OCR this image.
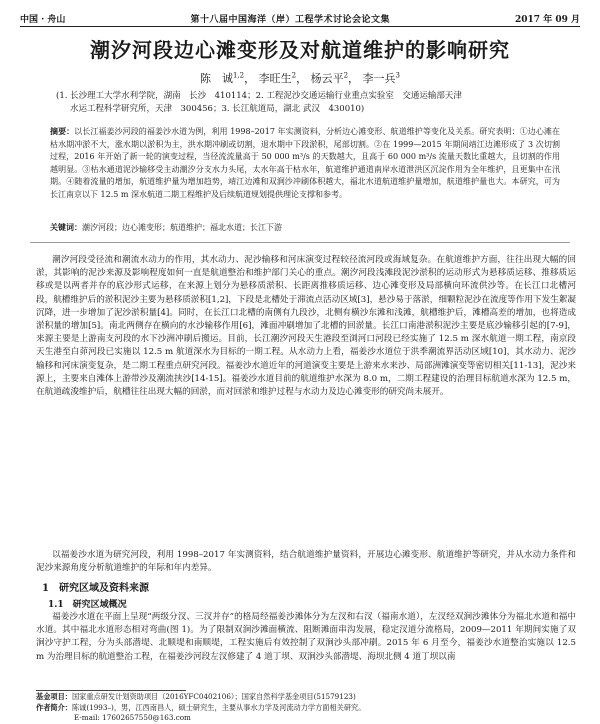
中国 · 舟山	第十八届中国海洋（岸）工程学术讨论会论文集	2017 年 09 月
潮汐河段边心滩变形及对航道维护的影响研究
陈　诚$^{1,2}$， 李旺生$^2$， 杨云平$^2$， 李一兵$^3$
(1. 长沙理工大学水利学院，湖南　长沙　410114；2. 工程泥沙交通运输行业重点实验室　交通运输部天津
水运工程科学研究所，天津　300456；3. 长江航道局，湖北 武汉　430010)
摘要：以长江福姜沙河段的福姜沙水道为例，利用 1998–2017 年实测资料，分析边心滩变形、航道维护等变化及关系。研究表明：①边心滩在枯水期冲淤不大，涨水期以淤积为主，洪水期冲刷或切割，退水期中下段淤积，尾部切割。②在 1999—2015 年期间靖江边滩形成了 3 次切割过程，2016 年开始了新一轮的演变过程，当径流流量高于 50 000 m³/s 的天数越大，且高于 60 000 m³/s 流量天数比重越大，且切割的作用越明显。③枯水通道泥沙输移受主动潮汐分支水力头尾，太水年高于枯水年，航道维护通道南岸水道泄洪区沉淀作用为全年维护，且更集中在汛期。④随着流量的增加，航道维护量为增加趋势，靖江边滩和双涧沙冲刷体积越大，福北水道航道维护量增加，航道维护量也大。本研究，可为长江南京以下 12.5 m 深水航道二期工程维护及后续航道规划提供理论支撑和参考。
关键词：潮汐河段；边心滩变形；航道维护；福北水道；长江下游
潮汐河段受径流和潮流水动力的作用，其水动力、泥沙输移和河床演变过程较径流河段或海域复杂。在航道维护方面，往往出现大幅的回淤，其影响的泥沙来源及影响程度如何一直是航道整治和维护部门关心的重点。潮汐河段浅滩段泥沙淤积的运动形式为悬移质运移、推移质运移或是以两者并存的底沙形式运移，在来源上划分为悬移质淤积、长距离推移质运移、边心滩变形及局部横向环流供沙等。在长江口北槽河段，航槽维护后的淤积泥沙主要为悬移质淤积[1,2]，下段是北槽处于滞流点活动区域[3]，悬沙易于落淤，细颗粒泥沙在流度等作用下发生絮凝沉降，进一步增加了泥沙淤积量[4]。同时，在长江口北槽的南侧有九段沙，北侧有横沙东滩和浅滩，航槽维护后，滩槽高差的增加，也将造成淤积量的增加[5]。南北两侧存在横向的水沙输移作用[6]，滩面冲刷增加了北槽的回淤量。长江口南港淤积泥沙主要是底沙输移引起的[7-9]，来源主要是上游南支河段的水下沙洲冲刷后搬运。目前，长江潮汐河段天生港段至浏河口河段已经实施了 12.5 m 深水航道一期工程，南京段天生港至白茆河段已实施以 12.5 m 航道深水为目标的一期工程。从水动力上看，福姜沙水道位于洪季潮流界活动区域[10]，其水动力、泥沙输移和河床演变复杂，是二期工程重点研究河段。福姜沙水道近年的河道演变主要是上游来水来沙、局部洲滩演变等密切相关[11-13]，泥沙来源上，主要来自滩体上游带沙及潮流挟沙[14-15]。福姜沙水道目前的航道维护水深为 8.0 m，二期工程建设的治理目标航道水深为 12.5 m，在航道疏浚维护后，航槽往往出现大幅的回淤，而对回淤和维护过程与水动力及边心滩变形的研究尚未展开。
以福姜沙水道为研究河段，利用 1998–2017 年实测资料，结合航道维护量资料，开展边心滩变形、航道维护等研究，并从水动力条件和泥沙来源角度分析航道维护的年际和年内差异。
1　研究区域及资料来源
1.1　研究区域概况
福姜沙水道在平面上呈现“两级分汊、三汊并存”的格局经福姜沙滩体分为左汊和右汊（福南水道），左汊经双涧沙滩体分为福北水道和福中水道。其中福北水道形态相对弯曲(图 1)。为了限制双涧沙滩面横流、阻断滩面串沟发展，稳定汊道分流格局，2009—2011 年期间实施了双涧沙守护工程，分为头部潜堤、北顺堤和南顺堤，工程实施后有效控制了双涧沙头部冲刷。2015 年 6 月至今，福姜沙水道整治实施以 12.5 m 为治理目标的航道整治工程，在福姜沙河段左汊修建了 4 道丁坝、双涧沙头部潜堤、海坝北侧 4 道丁坝以南
基金项目：国家重点研发计划资助项目（2016YFC0402106）；国家自然科学基金项目(51579123)
作者简介：陈诚(1993–)，男，江西南昌人，硕士研究生，主要从事水力学及河流动力学方面相关研究。
E-mail: 17602657550@163.com
